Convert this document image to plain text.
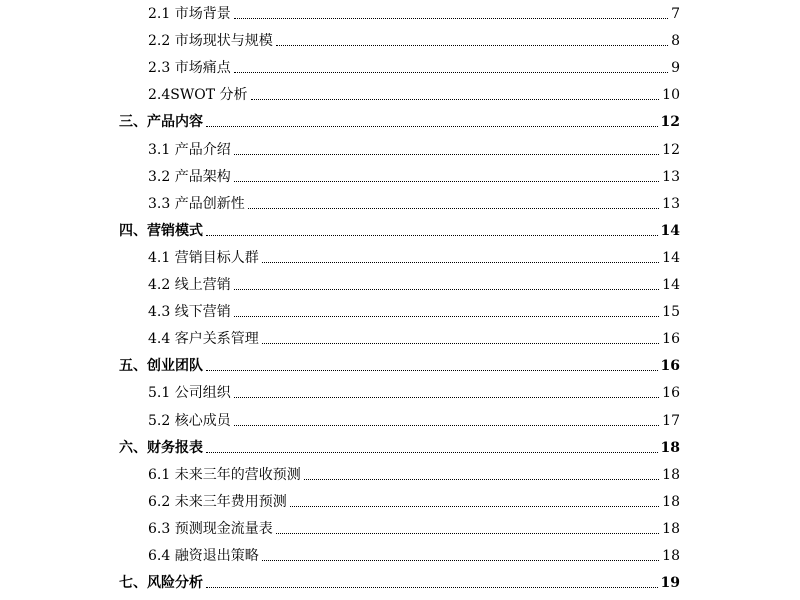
2.1 市场背景	7
2.2 市场现状与规模	8
2.3 市场痛点	9
2.4SWOT 分析	10
三、产品内容	12
3.1 产品介绍	12
3.2 产品架构	13
3.3 产品创新性	13
四、营销模式	14
4.1 营销目标人群	14
4.2 线上营销	14
4.3 线下营销	15
4.4 客户关系管理	16
五、创业团队	16
5.1 公司组织	16
5.2 核心成员	17
六、财务报表	18
6.1 未来三年的营收预测	18
6.2 未来三年费用预测	18
6.3 预测现金流量表	18
6.4 融资退出策略	18
七、风险分析	19
